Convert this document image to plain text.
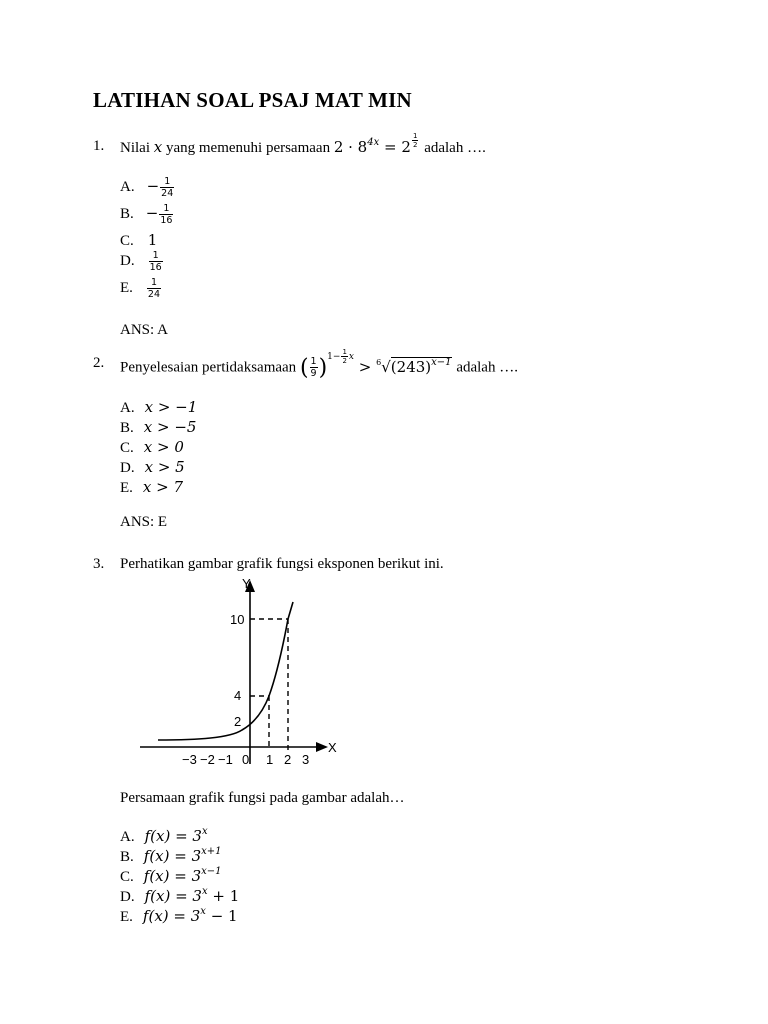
LATIHAN SOAL PSAJ MAT MIN
1. Nilai x yang memenuhi persamaan $2 \cdot 8^{4x} = 2 \frac{1}{2}$ adalah ….
A. − $\frac{1}{24}$
B. − $\frac{1}{16}$
C. 1
D. $\frac{1}{16}$
E. $\frac{1}{24}$
ANS: A
2. Penyelesaian pertidaksamaan ( $\frac{1}{9} )^{1- \frac{1}{2} x} > ^6√(243)^{x-1}$ adalah ….
A. x > −1
B. x > −5
C. x > 0
D. x > 5
E. x > 7
ANS: E
3. Perhatikan gambar grafik fungsi eksponen berikut ini.
Y
X
10
4
2
−3 −2 −1 0 1 2 3
Persamaan grafik fungsi pada gambar adalah…
A. $f(x) = 3^x$
B. $f(x) = 3^{x+1}$
C. $f(x) = 3^{x-1}$
D. $f(x) = 3^x + 1$
E. $f(x) = 3^x - 1$
